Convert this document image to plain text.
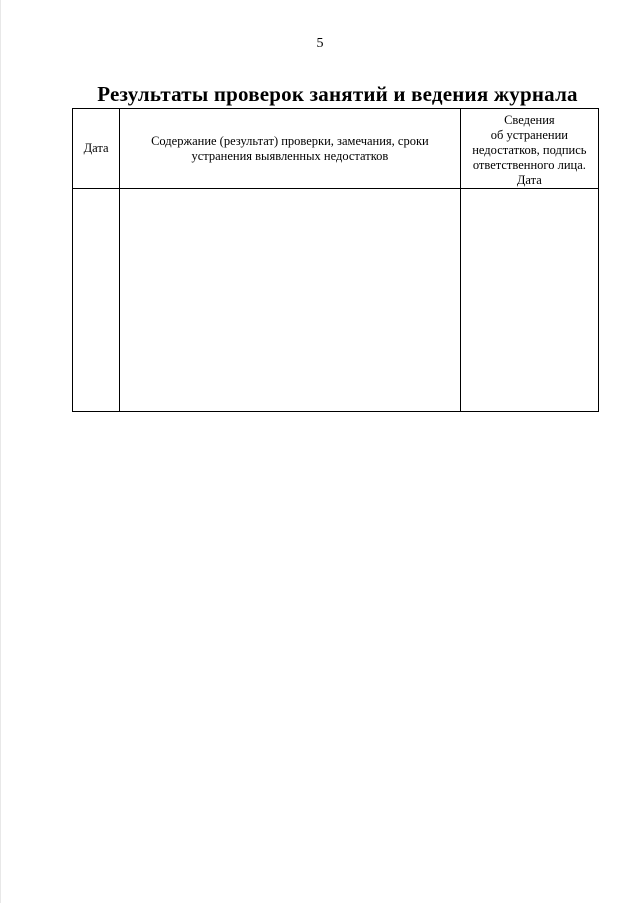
5
Результаты проверок занятий и ведения журнала
Дата	Содержание (результат) проверки, замечания, сроки устранения выявленных недостатков	Сведения
об устранении
недостатков, подпись
ответственного лица.
Дата
